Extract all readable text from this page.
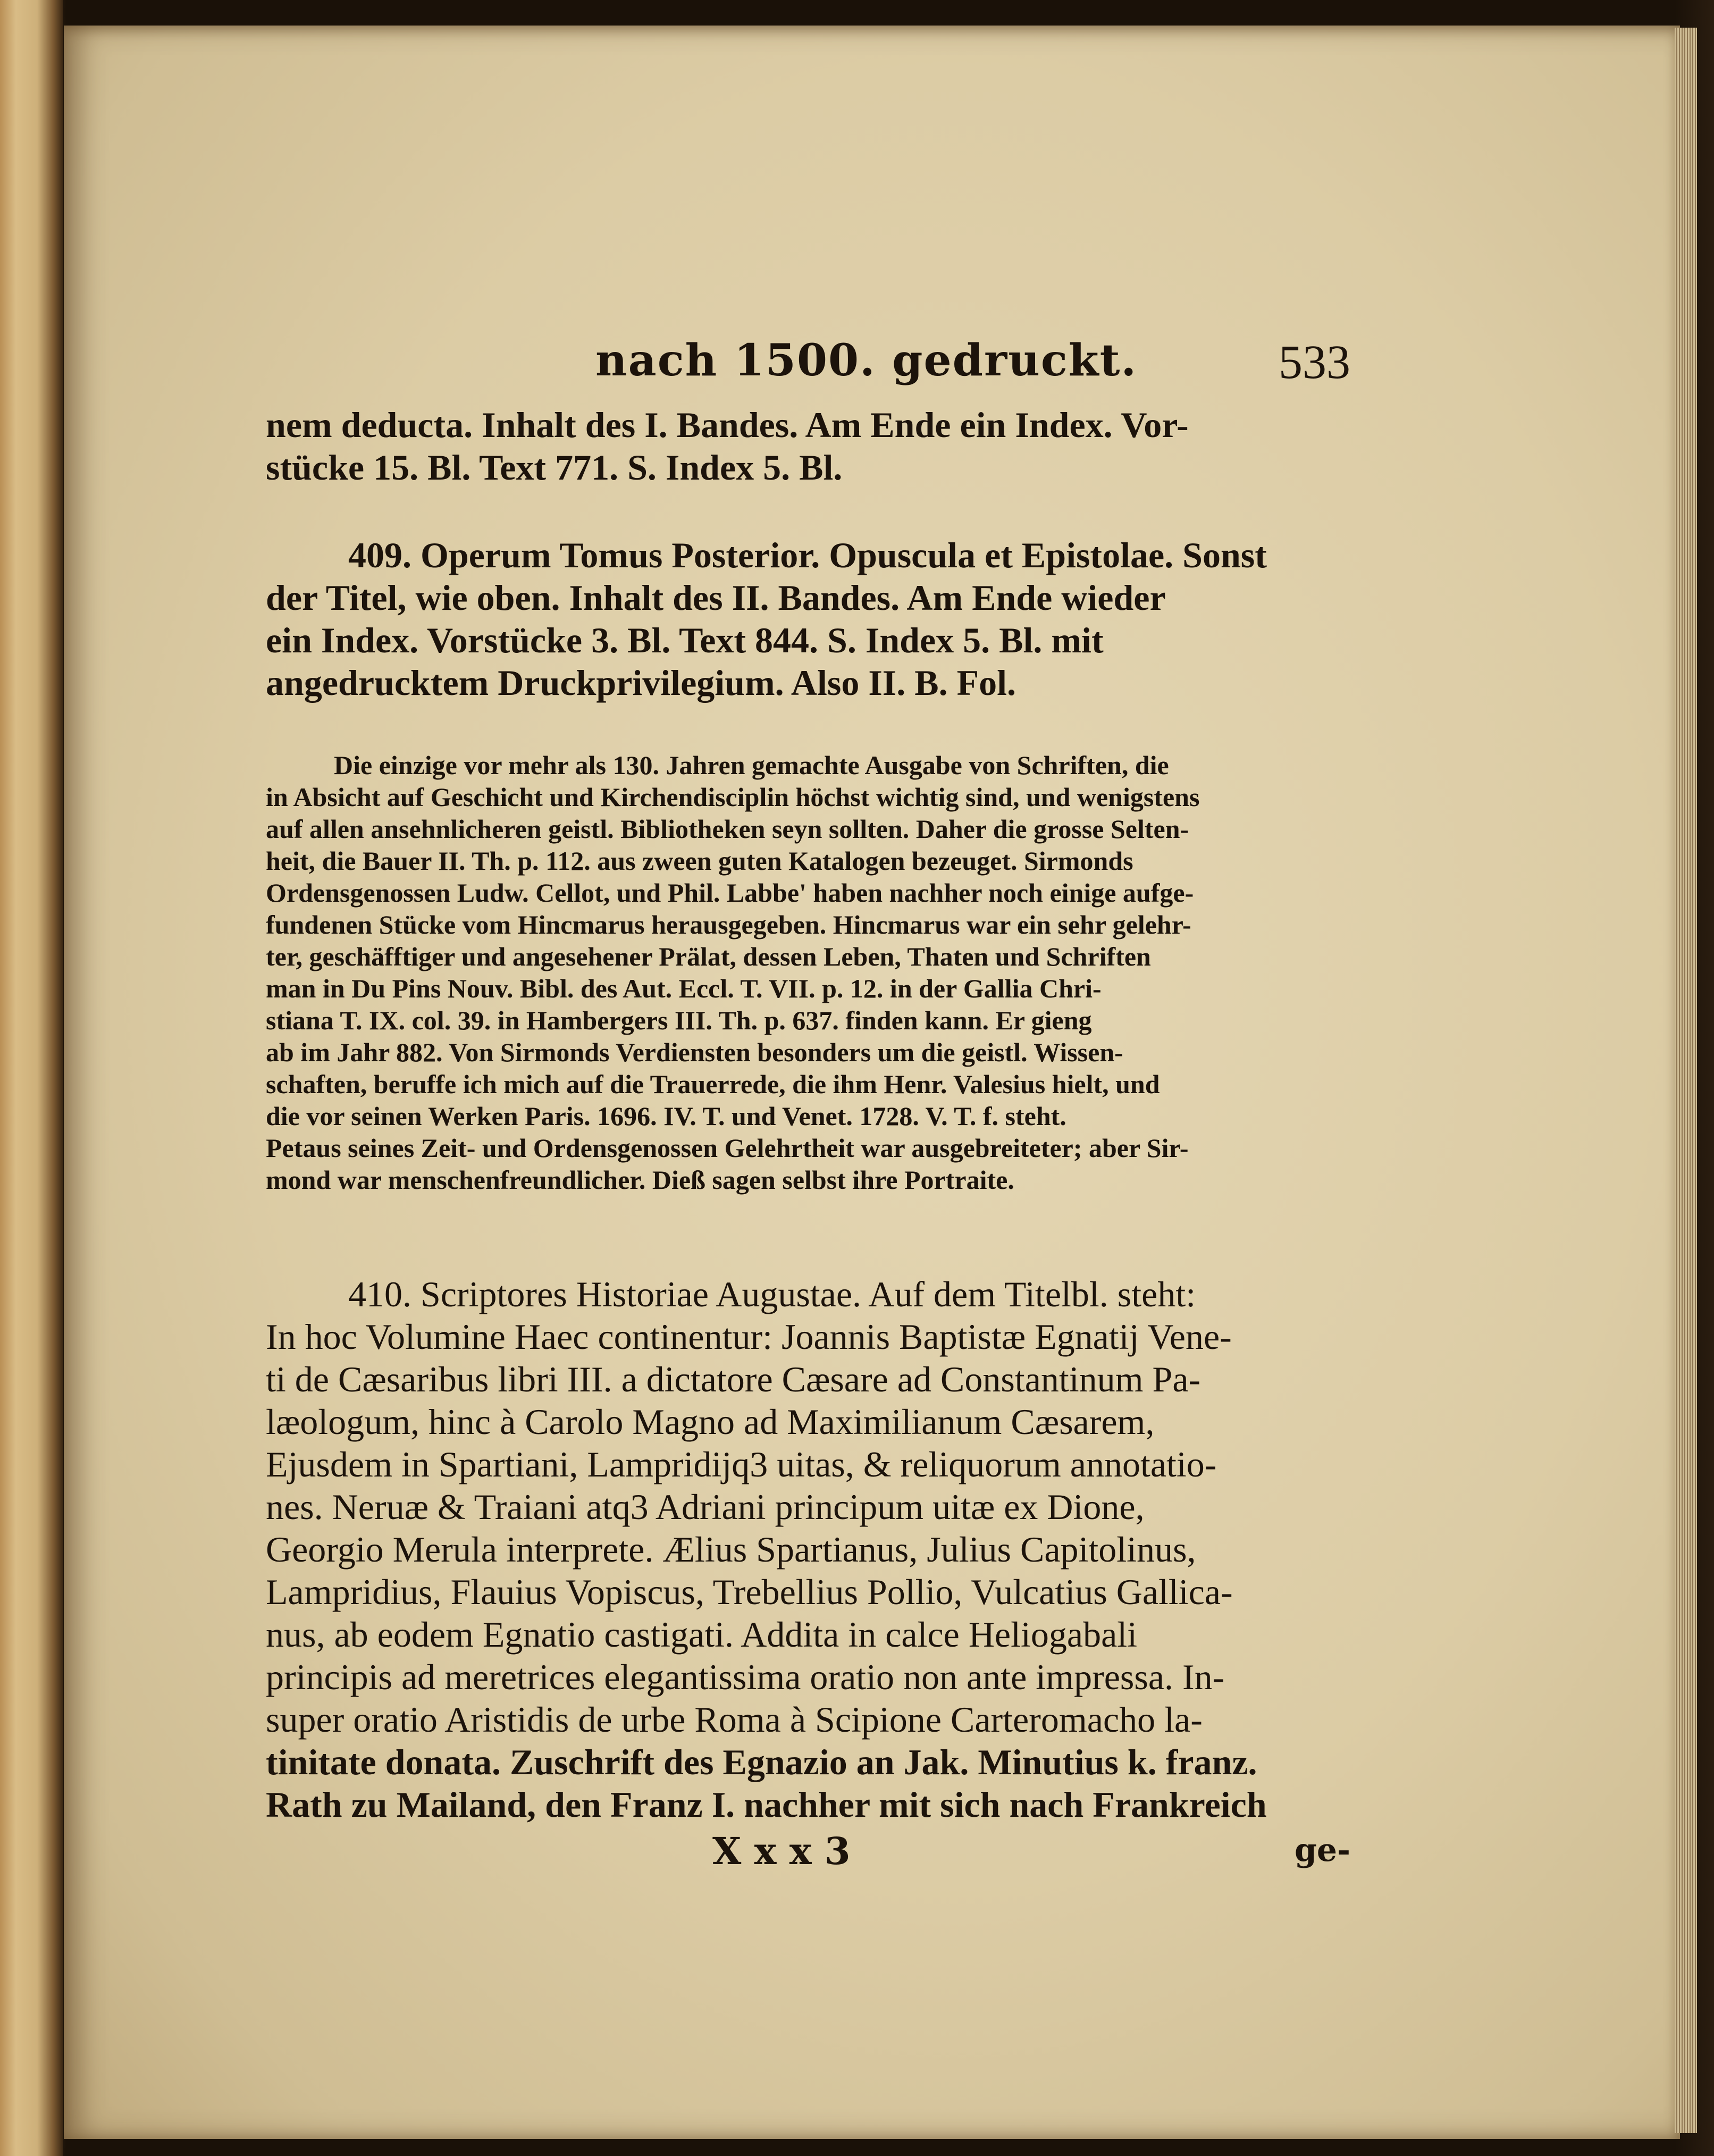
nach 1500. gedruckt.	533
nem deducta. Inhalt des I. Bandes. Am Ende ein Index. Vor-
stücke 15. Bl. Text 771. S. Index 5. Bl.
409. Operum Tomus Posterior. Opuscula et Epistolae. Sonst
der Titel, wie oben. Inhalt des II. Bandes. Am Ende wieder
ein Index. Vorstücke 3. Bl. Text 844. S. Index 5. Bl. mit
angedrucktem Druckprivilegium. Also II. B. Fol.
Die einzige vor mehr als 130. Jahren gemachte Ausgabe von Schriften, die
in Absicht auf Geschicht und Kirchendisciplin höchst wichtig sind, und wenigstens
auf allen ansehnlicheren geistl. Bibliotheken seyn sollten. Daher die grosse Selten-
heit, die Bauer II. Th. p. 112. aus zween guten Katalogen bezeuget. Sirmonds
Ordensgenossen Ludw. Cellot, und Phil. Labbe' haben nachher noch einige aufge-
fundenen Stücke vom Hincmarus herausgegeben. Hincmarus war ein sehr gelehr-
ter, geschäfftiger und angesehener Prälat, dessen Leben, Thaten und Schriften
man in Du Pins Nouv. Bibl. des Aut. Eccl. T. VII. p. 12. in der Gallia Chri-
stiana T. IX. col. 39. in Hambergers III. Th. p. 637. finden kann. Er gieng
ab im Jahr 882. Von Sirmonds Verdiensten besonders um die geistl. Wissen-
schaften, beruffe ich mich auf die Trauerrede, die ihm Henr. Valesius hielt, und
die vor seinen Werken Paris. 1696. IV. T. und Venet. 1728. V. T. f. steht.
Petaus seines Zeit- und Ordensgenossen Gelehrtheit war ausgebreiteter; aber Sir-
mond war menschenfreundlicher. Dieß sagen selbst ihre Portraite.
410. Scriptores Historiae Augustae. Auf dem Titelbl. steht:
In hoc Volumine Haec continentur: Joannis Baptistæ Egnatij Vene-
ti de Cæsaribus libri III. a dictatore Cæsare ad Constantinum Pa-
læologum, hinc à Carolo Magno ad Maximilianum Cæsarem,
Ejusdem in Spartiani, Lampridijq3 uitas, & reliquorum annotatio-
nes. Neruæ & Traiani atq3 Adriani principum uitæ ex Dione,
Georgio Merula interprete. Ælius Spartianus, Julius Capitolinus,
Lampridius, Flauius Vopiscus, Trebellius Pollio, Vulcatius Gallica-
nus, ab eodem Egnatio castigati. Addita in calce Heliogabali
principis ad meretrices elegantissima oratio non ante impressa. In-
super oratio Aristidis de urbe Roma à Scipione Carteromacho la-
tinitate donata. Zuschrift des Egnazio an Jak. Minutius k. franz.
Rath zu Mailand, den Franz I. nachher mit sich nach Frankreich
X x x 3	ge-
